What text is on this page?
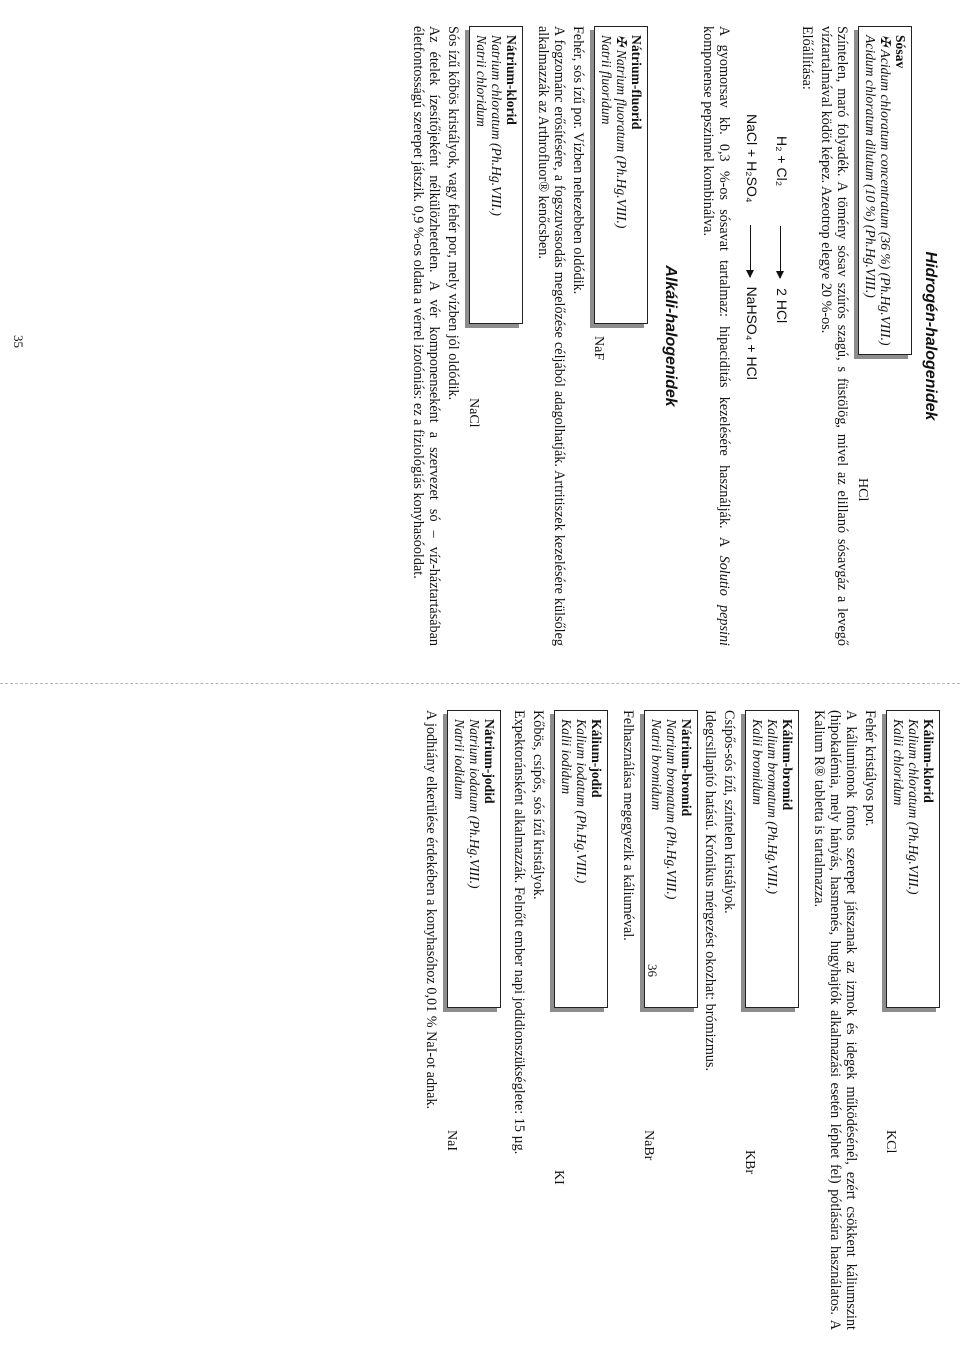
Hidrogén-halogenidek
Sósav
✠ Acidum chloratum concentratum (36 %) (Ph.Hg.VIII.)
Acidum chloratum dilutum (10 %) (Ph.Hg.VIII.)
HCl

Színtelen, maró folyadék. A tömény sósav szúrós szagú, s füstölög, mivel az elillanó sósavgáz a levegő víztartalmával ködöt képez. Azeotrop elegye 20 %-os.

Előállítása:

H₂ + Cl₂2 HCl
NaCl + H₂SO₄NaHSO₄ + HCl

A gyomorsav kb. 0,3 %-os sósavat tartalmaz: hipaciditás kezelésére használják. A Solutio pepsini komponense pepszinnel kombinálva.

Alkáli-halogenidek
Nátrium-fluorid
✠ Natrium fluoratum (Ph.Hg.VIII.)
Natrii fluoridum
NaF

Fehér, sós ízű por. Vízben nehezebben oldódik.

A fogzománc erősítésére, a fogszuvasodás megelőzése céljából adagolhatják. Artritiszek kezelésére külsőleg alkalmazzák az Arthrofluor® kenőcsben.

Nátrium-klorid
Natrium chloratum (Ph.Hg.VIII.)
Natrii chloridum
NaCl

Sós ízű kőbös kristályok, vagy fehér por, mely vízben jól oldódik.

Az ételek ízesítőjeként nélkülözhetetlen. A vér komponenseként a szervezet só – víz-háztartásában életfontosságú szerepet játszik. 0,9 %-os oldata a vérrel izotóniás: ez a fiziológiás konyhasóoldat.

35
Kálium-klorid
Kalium chloratum (Ph.Hg.VIII.)
Kalii chloridum
KCl

Fehér kristályos por.

A káliumionok fontos szerepet játszanak az izmok és idegek működésénél, ezért csökkent káliumszint (hipokalémia, mely hányás, hasmenés, hugyhajtók alkalmazási esetén léphet fel) pótlására használatos. A Kalium R® tabletta is tartalmazza.

Kálium-bromid
Kalium bromatum (Ph.Hg.VIII.)
Kalii bromidum
KBr

Csípős-sós ízű, színtelen kristályok.

Idegcsillapító hatású. Krónikus mérgezést okozhat: brómizmus.

Nátrium-bromid
Natrium bromatum (Ph.Hg.VIII.)
Natrii bromidum
NaBr

Felhasználása megegyezik a káliuméval.

Kálium-jodid
Kalium iodatum (Ph.Hg.VIII.)
Kalii iodidum
KI

Kőbös, csípős, sós ízű kristályok.

Expektoránsként alkalmazzák. Felnőtt ember napi jodidionszükséglete: 15 µg.

Nátrium-jodid
Natrium iodatum (Ph.Hg.VIII.)
Natrii iodidum
NaI

A jodhiány elkerülése érdekében a konyhasóhoz 0,01 % NaI-ot adnak.	36
